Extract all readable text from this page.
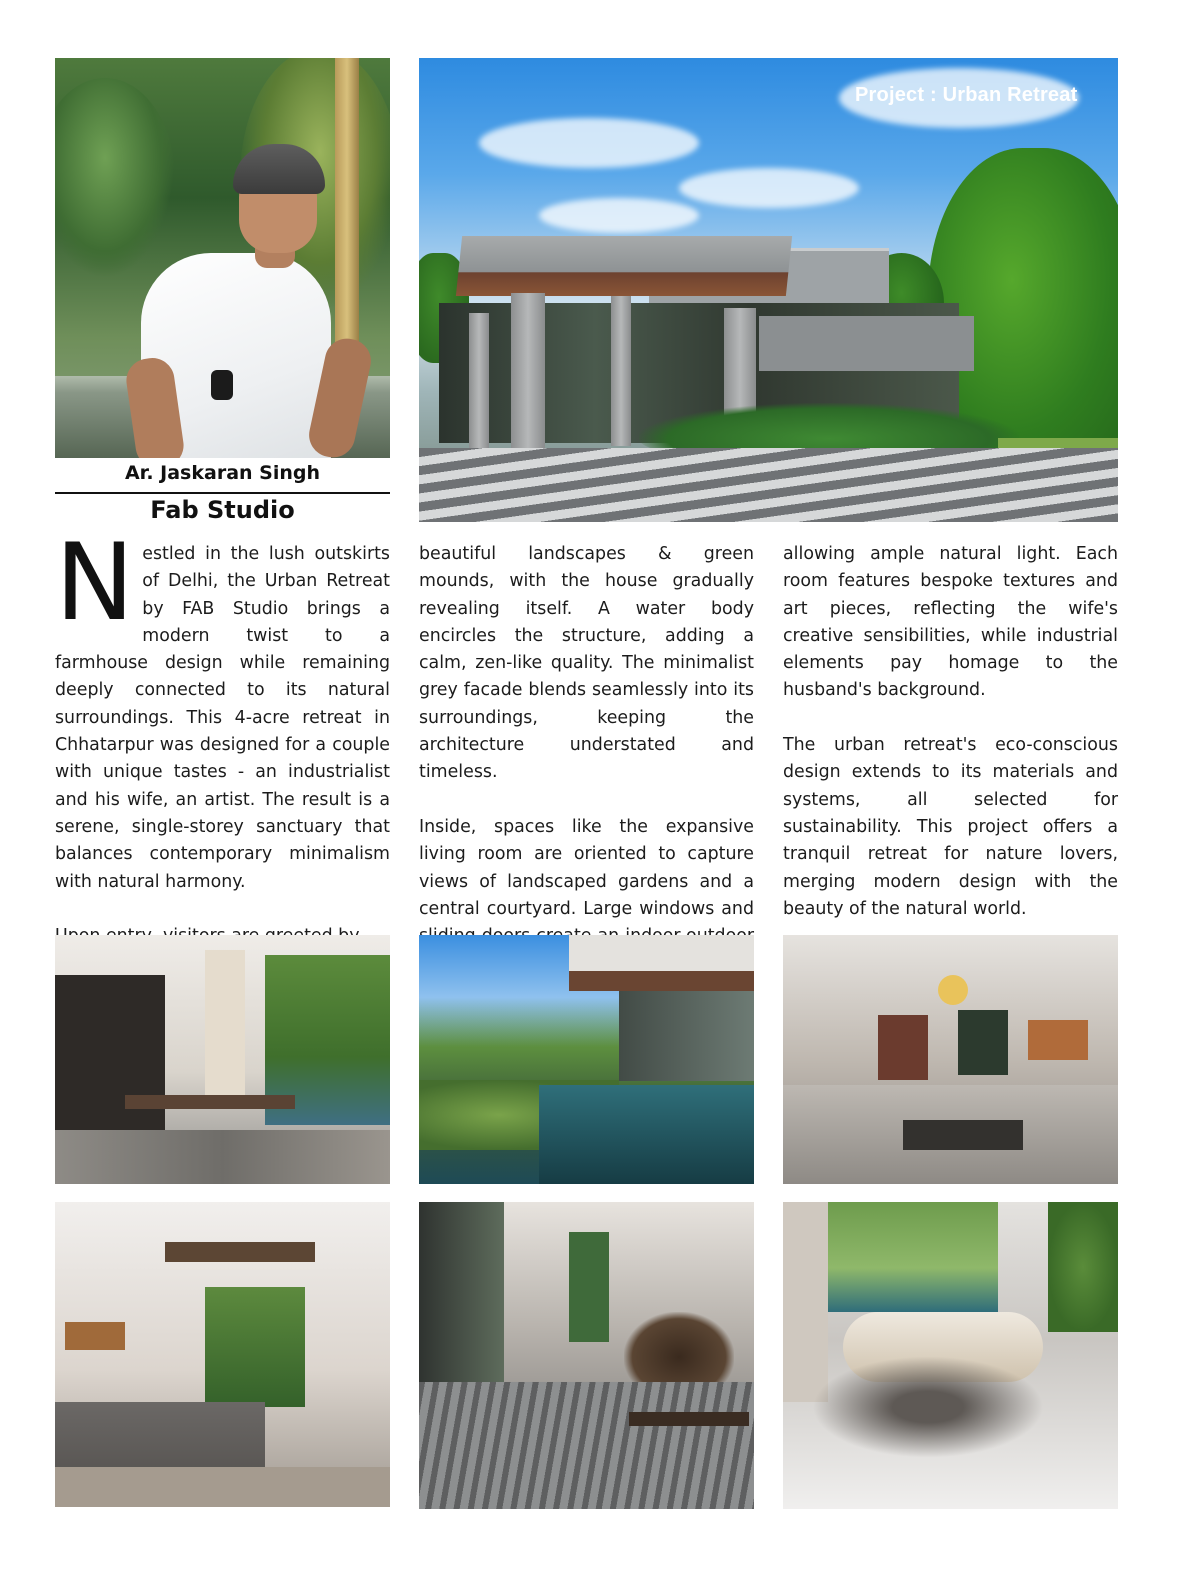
Ar. Jaskaran Singh
Fab Studio
Project : Urban Retreat

Nestled in the lush outskirts of Delhi, the Urban Retreat by FAB Studio brings a modern twist to a farmhouse design while remaining deeply connected to its natural surroundings. This 4-acre retreat in Chhatarpur was designed for a couple with unique tastes - an industrialist and his wife, an artist. The result is a serene, single-storey sanctuary that balances contemporary minimalism with natural harmony.

beautiful landscapes & green mounds, with the house gradually revealing itself. A water body encircles the structure, adding a calm, zen-like quality. The minimalist grey facade blends seamlessly into its surroundings, keeping the architecture understated and timeless.

Inside, spaces like the expansive living room are oriented to capture views of landscaped gardens and a central courtyard. Large windows and

allowing ample natural light. Each room features bespoke textures and art pieces, reflecting the wife's creative sensibilities, while industrial elements pay homage to the husband's background.

The urban retreat's eco-conscious design extends to its materials and systems, all selected for sustainability. This project offers a tranquil retreat for nature lovers, merging modern design with the beauty of the natural world.
